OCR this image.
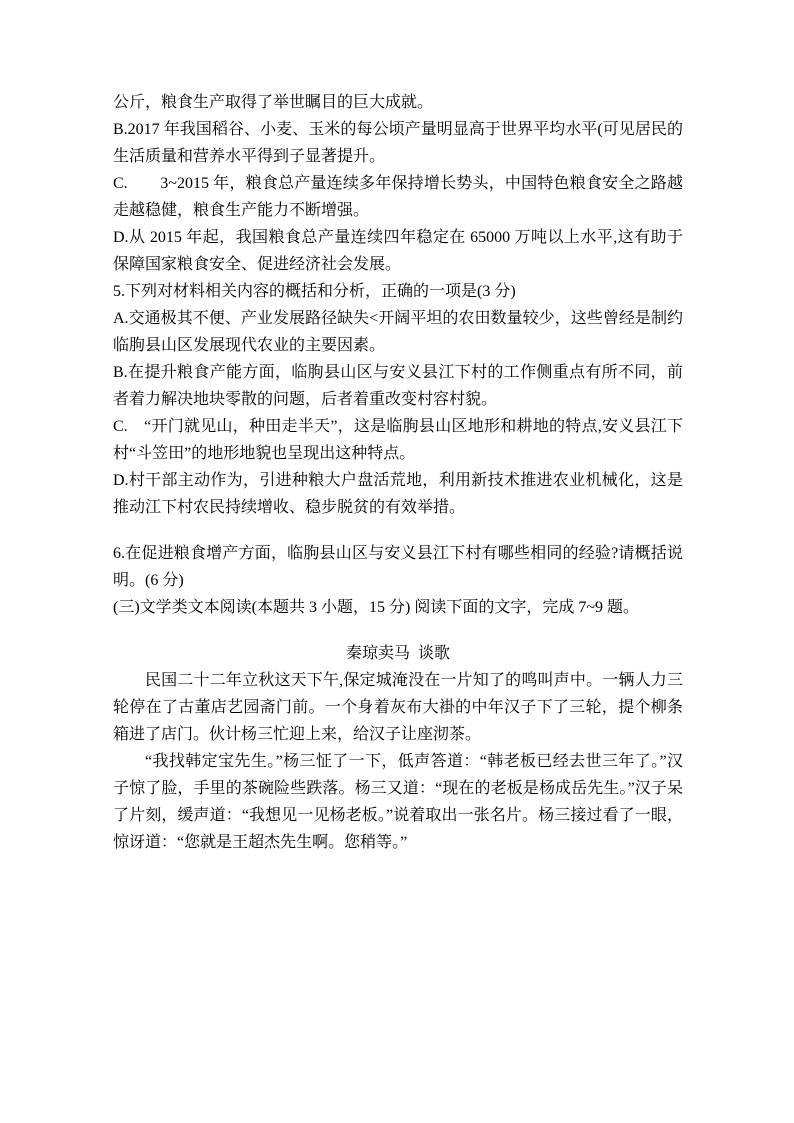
公斤，粮食生产取得了举世瞩目的巨大成就。

B.2017 年我国稻谷、小麦、玉米的每公顷产量明显高于世界平均水平(可见居民的生活质量和营养水平得到子显著提升。

C.　　3~2015 年，粮食总产量连续多年保持增长势头，中国特色粮食安全之路越走越稳健，粮食生产能力不断增强。

D.从 2015 年起，我国粮食总产量连续四年稳定在 65000 万吨以上水平,这有助于保障国家粮食安全、促进经济社会发展。

5.下列对材料相关内容的概括和分析，正确的一项是(3 分)

A.交通极其不便、产业发展路径缺失<开阔平坦的农田数量较少，这些曾经是制约临朐县山区发展现代农业的主要因素。

B.在提升粮食产能方面，临朐县山区与安义县江下村的工作侧重点有所不同，前者着力解决地块零散的问题，后者着重改变村容村貌。

C.　“开门就见山，种田走半天”，这是临朐县山区地形和耕地的特点,安义县江下村“斗笠田”的地形地貌也呈现出这种特点。

D.村干部主动作为，引进种粮大户盘活荒地，利用新技术推进农业机械化，这是推动江下村农民持续增收、稳步脱贫的有效举措。

6.在促进粮食增产方面，临朐县山区与安义县江下村有哪些相同的经验?请概括说明。(6 分)

(三)文学类文本阅读(本题共 3 小题，15 分) 阅读下面的文字，完成 7~9 题。

秦琼卖马 谈歌

民国二十二年立秋这天下午,保定城淹没在一片知了的鸣叫声中。一辆人力三轮停在了古董店艺园斋门前。一个身着灰布大褂的中年汉子下了三轮，提个柳条箱进了店门。伙计杨三忙迎上来，给汉子让座沏茶。

“我找韩定宝先生。”杨三怔了一下，低声答道：“韩老板已经去世三年了。”汉子惊了脸，手里的茶碗险些跌落。杨三又道：“现在的老板是杨成岳先生。”汉子呆了片刻，缓声道：“我想见一见杨老板。”说着取出一张名片。杨三接过看了一眼，惊讶道：“您就是王超杰先生啊。您稍等。”
